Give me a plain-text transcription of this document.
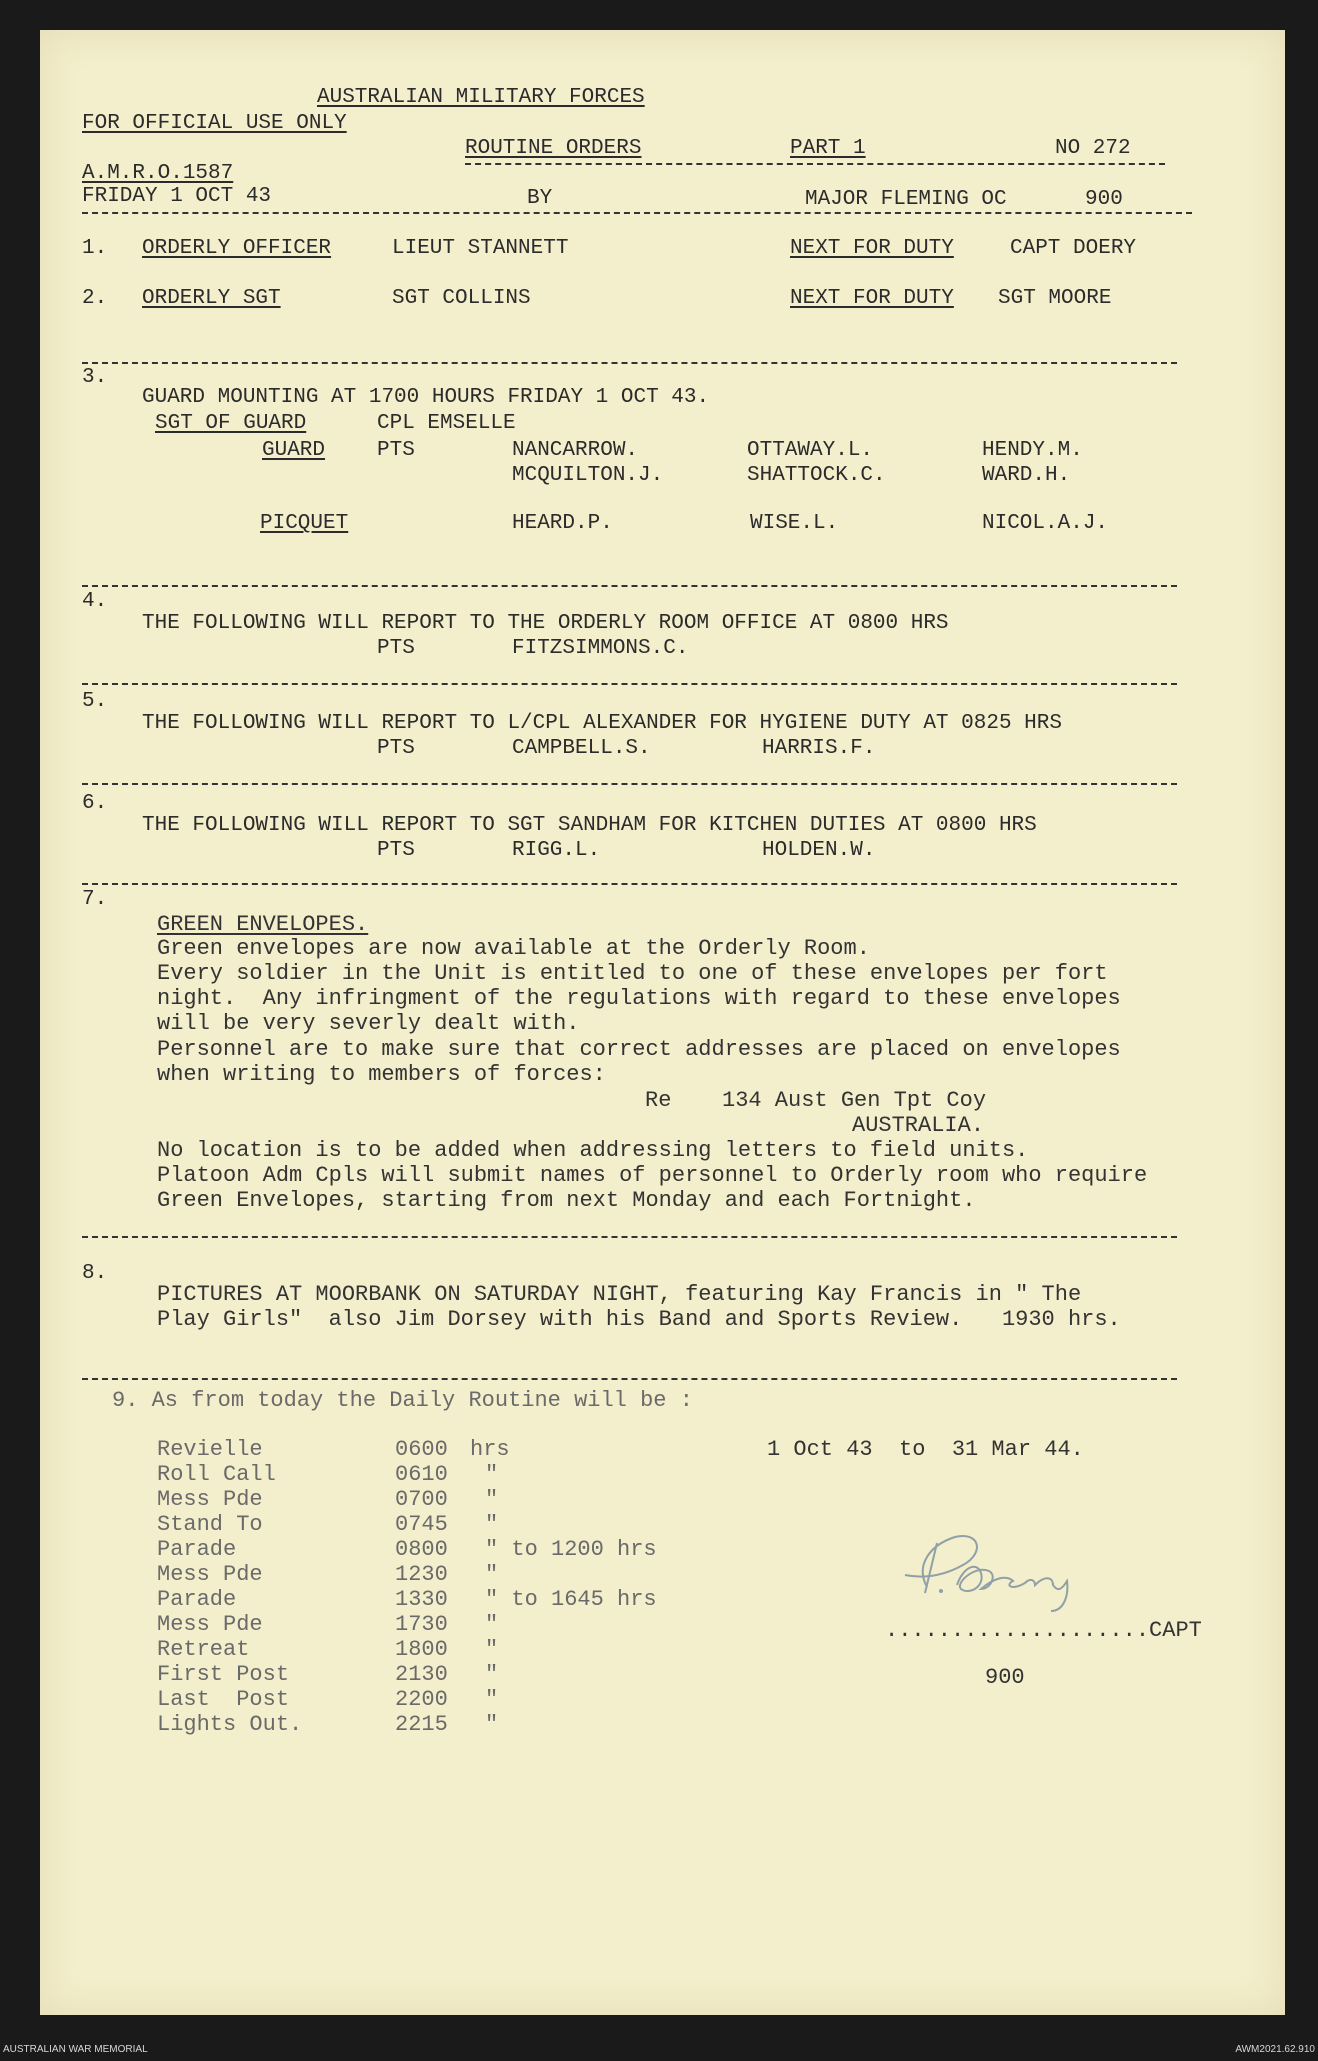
AUSTRALIAN MILITARY FORCES
FOR OFFICIAL USE ONLY
ROUTINE ORDERS	PART 1	NO 272
A.M.R.O.1587
FRIDAY 1 OCT 43	BY	MAJOR FLEMING OC	900
1. ORDERLY OFFICER	LIEUT STANNETT	NEXT FOR DUTY	CAPT DOERY
2. ORDERLY SGT	SGT COLLINS	NEXT FOR DUTY SGT MOORE
3.
GUARD MOUNTING AT 1700 HOURS FRIDAY 1 OCT 43.
SGT OF GUARD	CPL EMSELLE
GUARD PTS	NANCARROW.	OTTAWAY.L.	HENDY.M.
MCQUILTON.J.	SHATTOCK.C.	WARD.H.
PICQUET	HEARD.P.	WISE.L.	NICOL.A.J.
4.
THE FOLLOWING WILL REPORT TO THE ORDERLY ROOM OFFICE AT 0800 HRS
PTS	FITZSIMMONS.C.
5.
THE FOLLOWING WILL REPORT TO L/CPL ALEXANDER FOR HYGIENE DUTY AT 0825 HRS
PTS	CAMPBELL.S.	HARRIS.F.
6.
THE FOLLOWING WILL REPORT TO SGT SANDHAM FOR KITCHEN DUTIES AT 0800 HRS
PTS	RIGG.L.	HOLDEN.W.
7.
GREEN ENVELOPES.
Green envelopes are now available at the Orderly Room.
Every soldier in the Unit is entitled to one of these envelopes per fort
night.  Any infringment of the regulations with regard to these envelopes
will be very severly dealt with.
Personnel are to make sure that correct addresses are placed on envelopes
when writing to members of forces:
Re 134 Aust Gen Tpt Coy
AUSTRALIA.
No location is to be added when addressing letters to field units.
Platoon Adm Cpls will submit names of personnel to Orderly room who require
Green Envelopes, starting from next Monday and each Fortnight.
8.
PICTURES AT MOORBANK ON SATURDAY NIGHT, featuring Kay Francis in " The
Play Girls"  also Jim Dorsey with his Band and Sports Review.   1930 hrs.
9. As from today the Daily Routine will be :
1 Oct 43  to  31 Mar 44.
Revielle	0600 hrs
Roll Call	0610 "
Mess Pde	0700 "
Stand To	0745 "
Parade	0800 " to 1200 hrs
Mess Pde	1230 "
Parade	1330 " to 1645 hrs
Mess Pde	1730 "
Retreat	1800 "
First Post	2130 "
Last  Post	2200 "
Lights Out.	2215 "
....................CAPT
900
AUSTRALIAN WAR MEMORIAL	AWM2021.62.910
